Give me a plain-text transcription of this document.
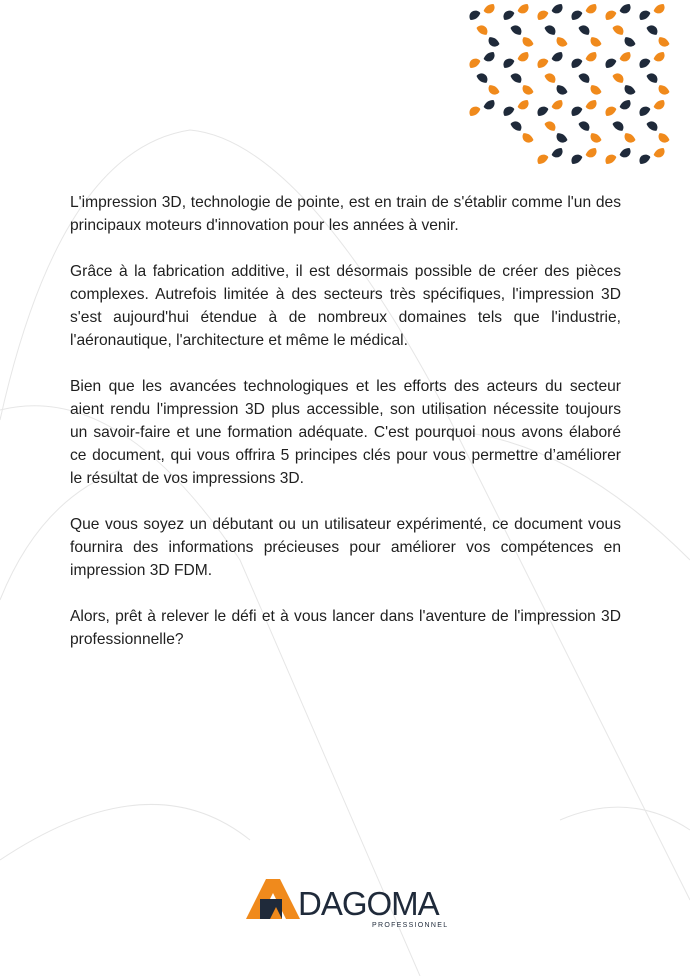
L'impression 3D, technologie de pointe, est en train de s'établir comme l'un des principaux moteurs d'innovation pour les années à venir.

Grâce à la fabrication additive, il est désormais possible de créer des pièces complexes. Autrefois limitée à des secteurs très spécifiques, l'impression 3D s'est aujourd'hui étendue à de nombreux domaines tels que l'industrie, l'aéronautique, l'architecture et même le médical.

Bien que les avancées technologiques et les efforts des acteurs du secteur aient rendu l'impression 3D plus accessible, son utilisation nécessite toujours un savoir-faire et une formation adéquate. C'est pourquoi nous avons élaboré ce document, qui vous offrira 5 principes clés pour vous permettre d’améliorer le résultat de vos impressions 3D.

Que vous soyez un débutant ou un utilisateur expérimenté, ce document vous fournira des informations précieuses pour améliorer vos compétences en impression 3D FDM.

Alors, prêt à relever le défi et à vous lancer dans l'aventure de l'impression 3D professionnelle?

DAGOMA
PROFESSIONNEL
